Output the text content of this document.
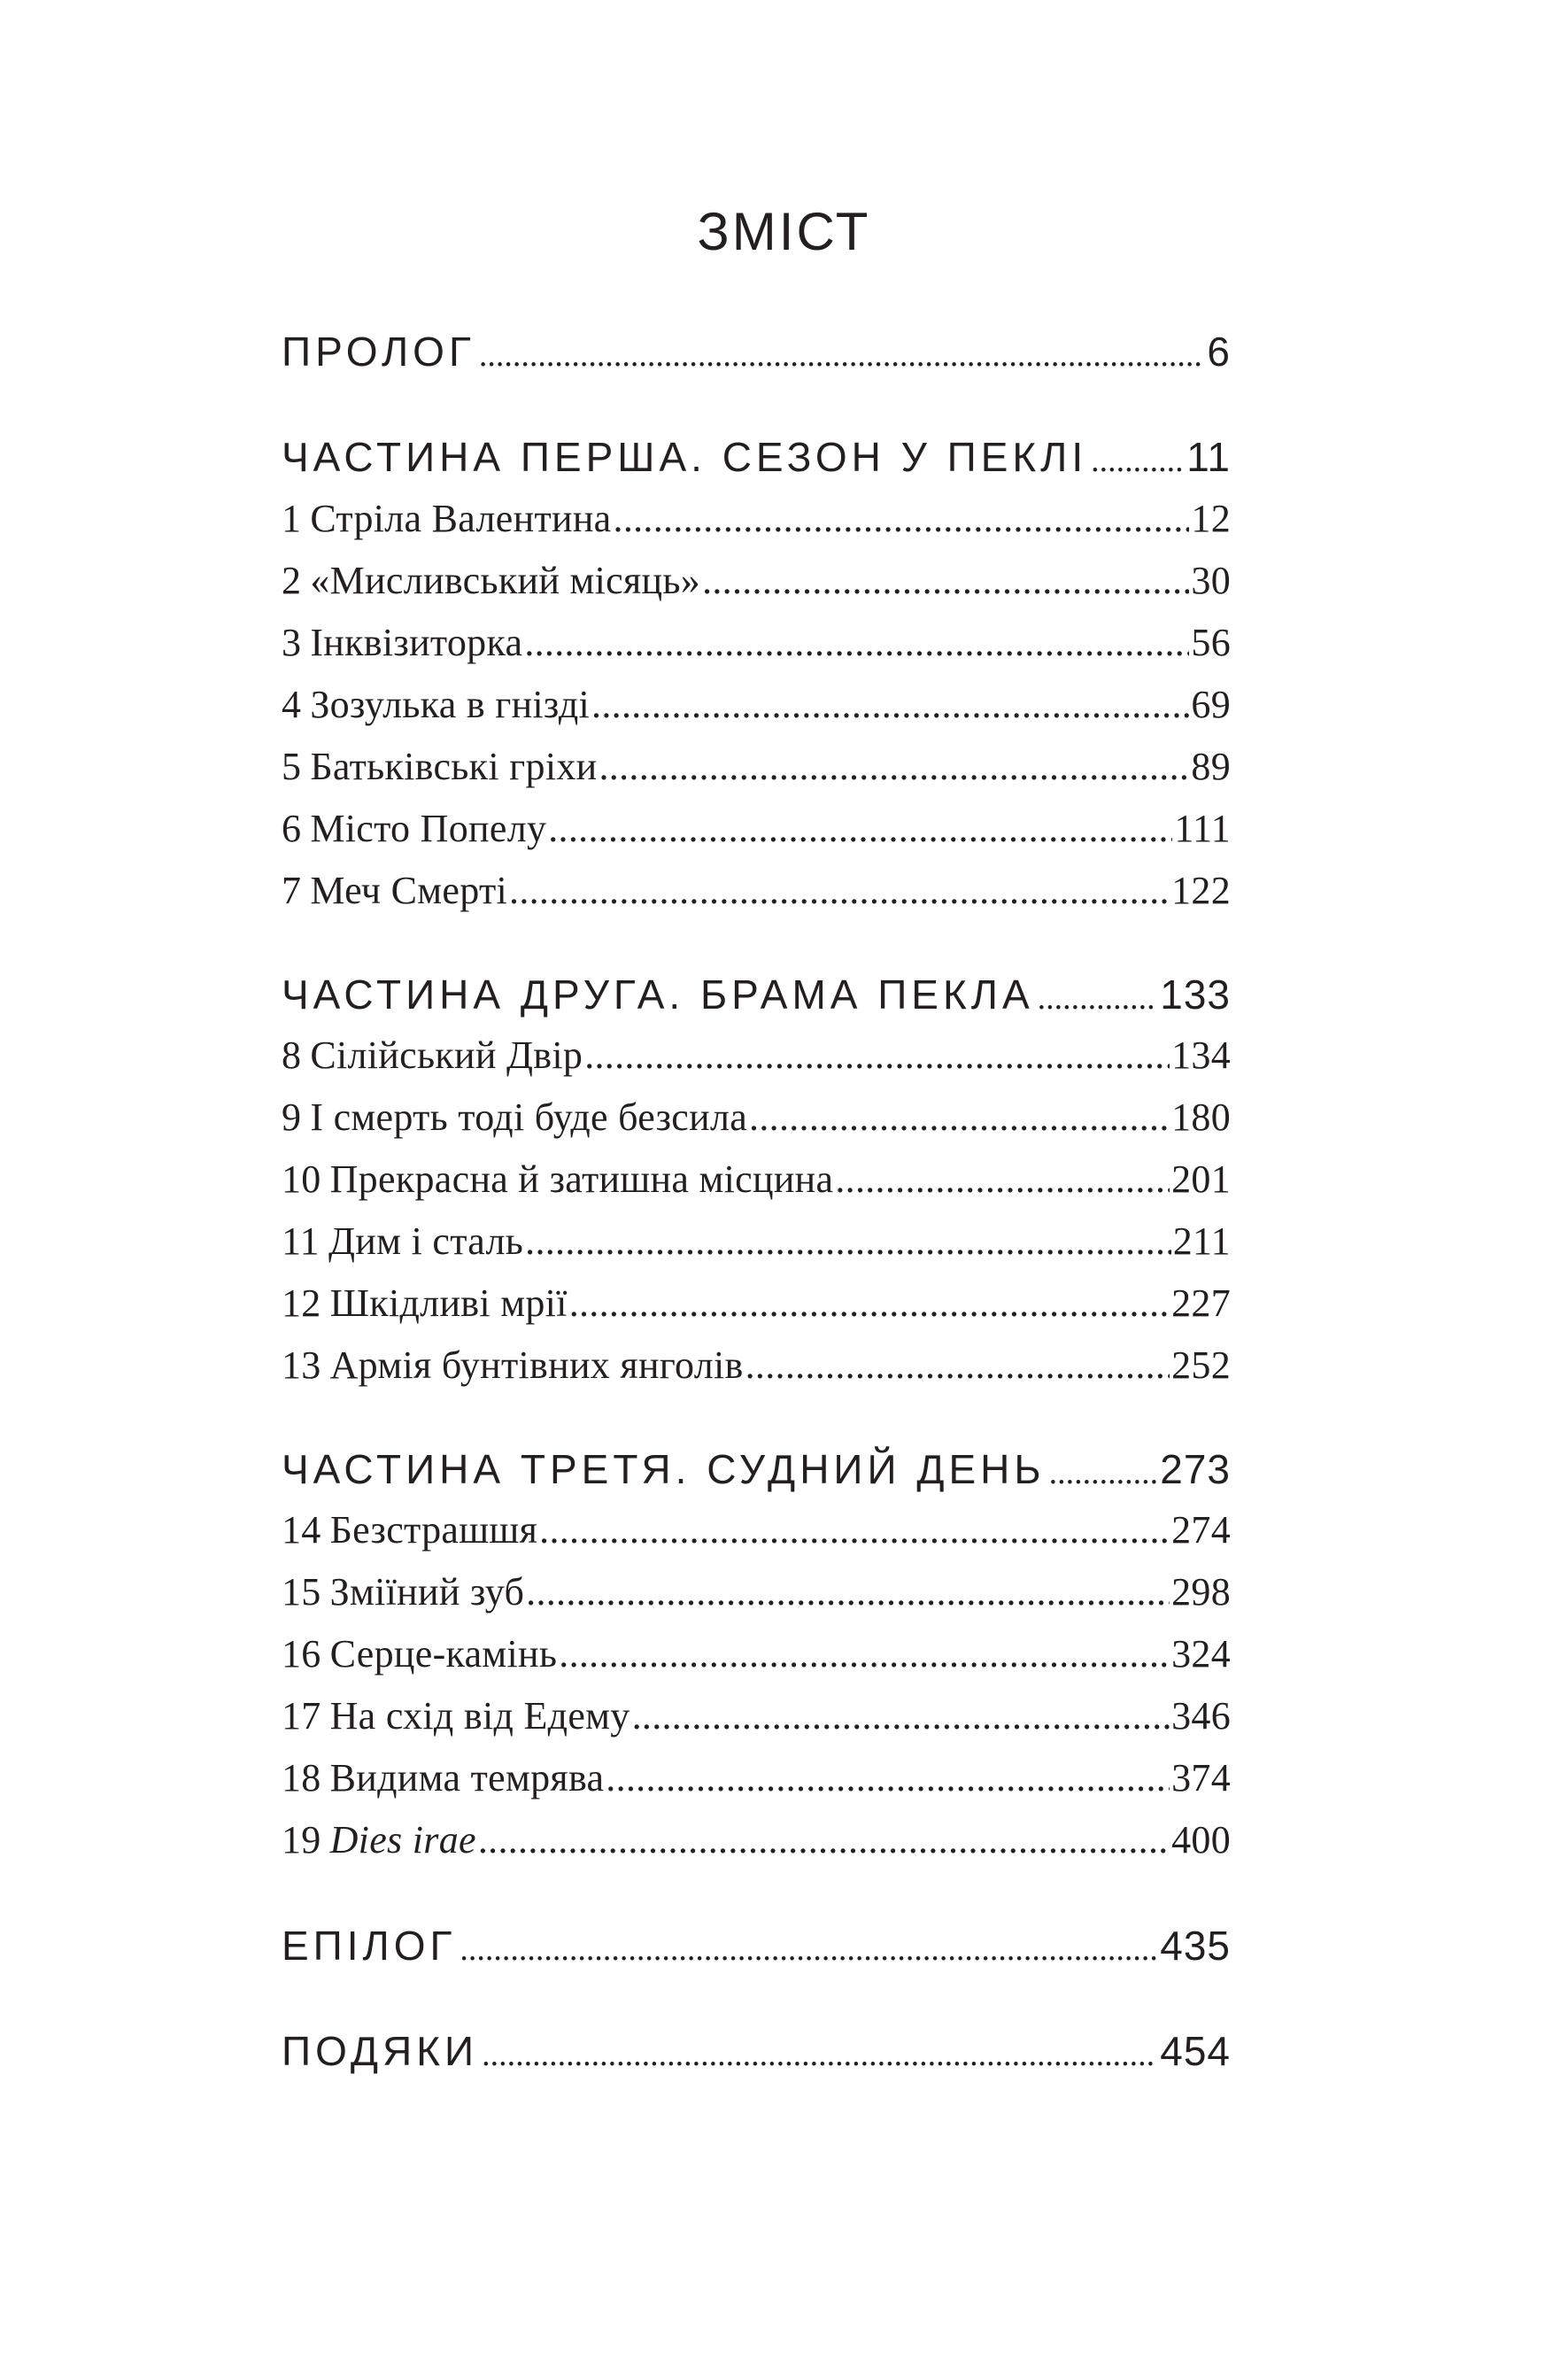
ЗМІСТ
ПРОЛОГ .....	6
ЧАСТИНА ПЕРША. СЕЗОН У ПЕКЛІ ..... 11
1 Стріла Валентина .....	12
2 «Мисливський місяць» .....	30
3 Інквізиторка .....	56
4 Зозулька в гнізді .....	69
5 Батьківські гріхи .....	89
6 Місто Попелу .....	111
7 Меч Смерті .....	122
ЧАСТИНА ДРУГА. БРАМА ПЕКЛА .....	133
8 Сілійський Двір .....	134
9 І смерть тоді буде безсила .....	180
10 Прекрасна й затишна місцина .....	201
11 Дим і сталь .....	211
12 Шкідливі мрії .....	227
13 Армія бунтівних янголів .....	252
ЧАСТИНА ТРЕТЯ. СУДНИЙ ДЕНЬ .....	273
14 Безстрашшя .....	274
15 Зміїний зуб .....	298
16 Серце-камінь .....	324
17 На схід від Едему .....	346
18 Видима темрява .....	374
19 Dies irae .....	400
ЕПІЛОГ .....	435
ПОДЯКИ .....	454
